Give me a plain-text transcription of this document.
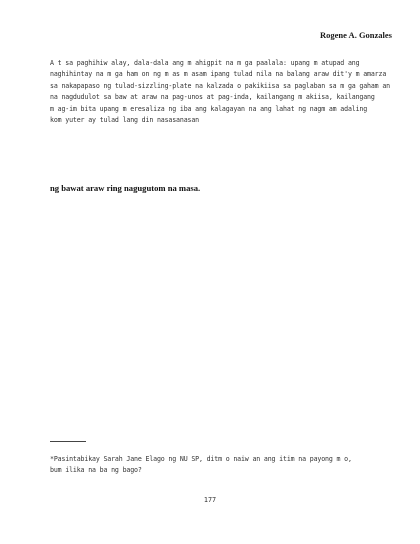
Rogene A. Gonzales
A t sa paghihiw alay, dala-dala ang m ahigpit na m ga paalala: upang m atupad ang
naghihintay na m ga ham on ng m as m asam ipang tulad nila na balang araw dit'y m amarza
sa nakapapaso ng tulad-sizzling-plate na kalzada o pakikiisa sa paglaban sa m ga gaham an
na nagdudulot sa baw at araw na pag-unos at pag-inda, kailangang m akiisa, kailangang
m ag-im bita upang m eresaliza ng iba ang kalagayan na ang lahat ng nagm am adaling
kom yuter ay tulad lang din nasasanasan

ng bawat araw ring nagugutom na masa.

*Pasintabikay Sarah Jane Elago ng NU SP, ditm o naiw an ang itim na payong m o,
bum ilika na ba ng bago?
177
